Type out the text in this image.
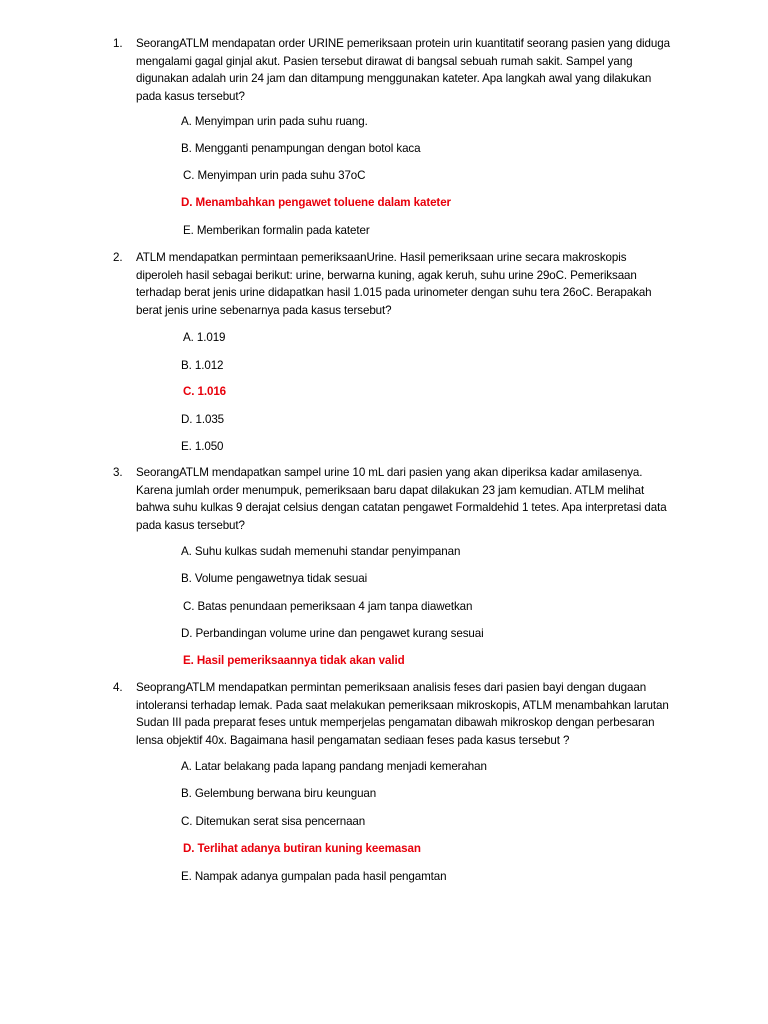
1. SeorangATLM mendapatan order URINE pemeriksaan protein urin kuantitatif seorang pasien yang diduga mengalami gagal ginjal akut. Pasien tersebut dirawat di bangsal sebuah rumah sakit. Sampel yang digunakan adalah urin 24 jam dan ditampung menggunakan kateter. Apa langkah awal yang dilakukan pada kasus tersebut?

A. Menyimpan urin pada suhu ruang.
B. Mengganti penampungan dengan botol kaca
C. Menyimpan urin pada suhu 37oC
D. Menambahkan pengawet toluene dalam kateter
E. Memberikan formalin pada kateter
2. ATLM mendapatkan permintaan pemeriksaanUrine. Hasil pemeriksaan urine secara makroskopis diperoleh hasil sebagai berikut: urine, berwarna kuning, agak keruh, suhu urine 29oC. Pemeriksaan terhadap berat jenis urine didapatkan hasil 1.015 pada urinometer dengan suhu tera 26oC. Berapakah berat jenis urine sebenarnya pada kasus tersebut?

A. 1.019
B. 1.012
C. 1.016
D. 1.035
E. 1.050
3. SeorangATLM mendapatkan sampel urine 10 mL dari pasien yang akan diperiksa kadar amilasenya. Karena jumlah order menumpuk, pemeriksaan baru dapat dilakukan 23 jam kemudian. ATLM melihat bahwa suhu kulkas 9 derajat celsius dengan catatan pengawet Formaldehid 1 tetes. Apa interpretasi data pada kasus tersebut?

A. Suhu kulkas sudah memenuhi standar penyimpanan
B. Volume pengawetnya tidak sesuai
C. Batas penundaan pemeriksaan 4 jam tanpa diawetkan
D. Perbandingan volume urine dan pengawet kurang sesuai
E. Hasil pemeriksaannya tidak akan valid
4. SeoprangATLM mendapatkan permintan pemeriksaan analisis feses dari pasien bayi dengan dugaan intoleransi terhadap lemak. Pada saat melakukan pemeriksaan mikroskopis, ATLM menambahkan larutan Sudan III pada preparat feses untuk memperjelas pengamatan dibawah mikroskop dengan perbesaran lensa objektif 40x. Bagaimana hasil pengamatan sediaan feses pada kasus tersebut ?

A. Latar belakang pada lapang pandang menjadi kemerahan
B. Gelembung berwana biru keunguan
C. Ditemukan serat sisa pencernaan
D. Terlihat adanya butiran kuning keemasan
E. Nampak adanya gumpalan pada hasil pengamtan
